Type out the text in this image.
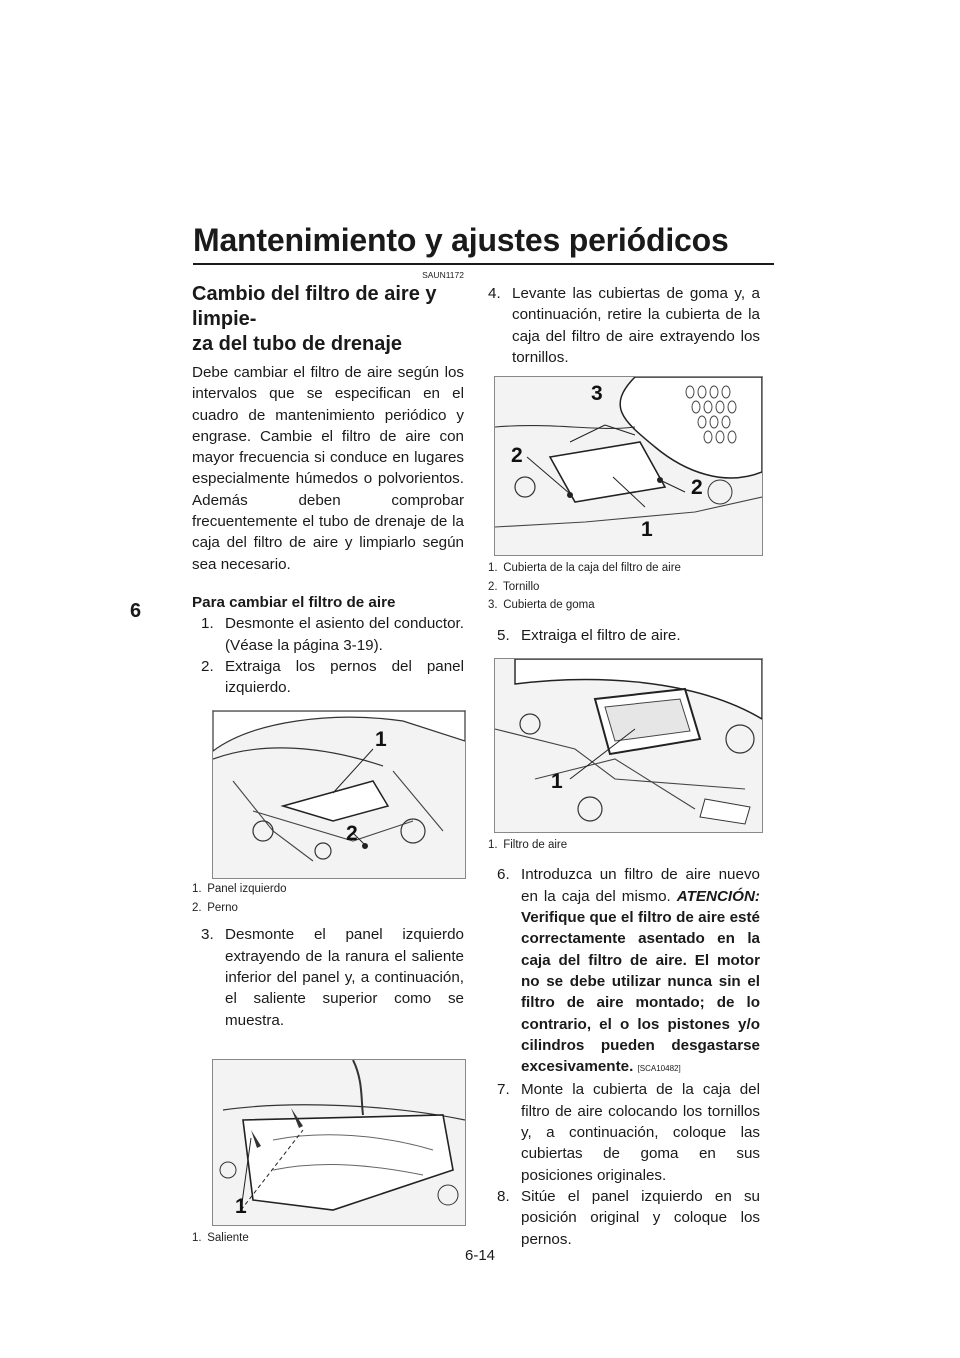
Mantenimiento y ajustes periódicos
6
SAUN1172
Cambio del filtro de aire y limpie-
za del tubo de drenaje

Debe cambiar el filtro de aire según los intervalos que se especifican en el cuadro de mantenimiento periódico y engrase. Cambie el filtro de aire con mayor frecuencia si conduce en lugares especialmente húmedos o polvorientos. Además deben comprobar frecuentemente el tubo de drenaje de la caja del filtro de aire y limpiarlo según sea necesario.

Para cambiar el filtro de aire
1. Desmonte el asiento del conductor. (Véase la página 3-19).
2. Extraiga los pernos del panel izquierdo.
1
2
1. Panel izquierdo
2. Perno
3. Desmonte el panel izquierdo extrayendo de la ranura el saliente inferior del panel y, a continuación, el saliente superior como se muestra.
1
1. Saliente
4. Levante las cubiertas de goma y, a continuación, retire la cubierta de la caja del filtro de aire extrayendo los tornillos.
3
2
2
1
1. Cubierta de la caja del filtro de aire
2. Tornillo
3. Cubierta de goma
5. Extraiga el filtro de aire.
1
1. Filtro de aire
6. Introduzca un filtro de aire nuevo en la caja del mismo. ATENCIÓN: Verifique que el filtro de aire esté correctamente asentado en la caja del filtro de aire. El motor no se debe utilizar nunca sin el filtro de aire montado; de lo contrario, el o los pistones y/o cilindros pueden desgastarse excesivamente. [SCA10482]
7. Monte la cubierta de la caja del filtro de aire colocando los tornillos y, a continuación, coloque las cubiertas de goma en sus posiciones originales.
8. Sitúe el panel izquierdo en su posición original y coloque los pernos.
6-14
